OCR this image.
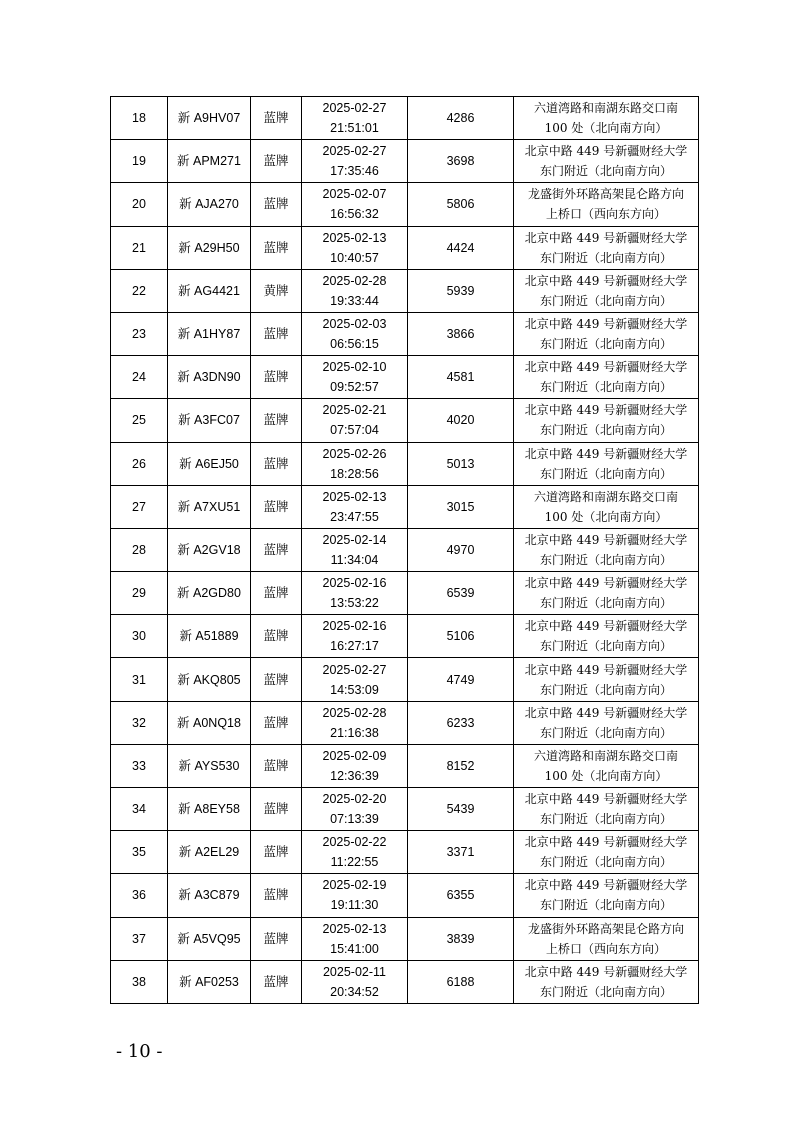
18	新 A9HV07	蓝牌	2025-02-27
21:51:01	4286	六道湾路和南湖东路交口南
100 处（北向南方向）

19	新 APM271	蓝牌	2025-02-27
17:35:46	3698	北京中路 449 号新疆财经大学
东门附近（北向南方向）

20	新 AJA270	蓝牌	2025-02-07
16:56:32	5806	龙盛街外环路高架昆仑路方向
上桥口（西向东方向）

21	新 A29H50	蓝牌	2025-02-13
10:40:57	4424	北京中路 449 号新疆财经大学
东门附近（北向南方向）

22	新 AG4421	黄牌	2025-02-28
19:33:44	5939	北京中路 449 号新疆财经大学
东门附近（北向南方向）

23	新 A1HY87	蓝牌	2025-02-03
06:56:15	3866	北京中路 449 号新疆财经大学
东门附近（北向南方向）

24	新 A3DN90	蓝牌	2025-02-10
09:52:57	4581	北京中路 449 号新疆财经大学
东门附近（北向南方向）

25	新 A3FC07	蓝牌	2025-02-21
07:57:04	4020	北京中路 449 号新疆财经大学
东门附近（北向南方向）

26	新 A6EJ50	蓝牌	2025-02-26
18:28:56	5013	北京中路 449 号新疆财经大学
东门附近（北向南方向）

27	新 A7XU51	蓝牌	2025-02-13
23:47:55	3015	六道湾路和南湖东路交口南
100 处（北向南方向）

28	新 A2GV18	蓝牌	2025-02-14
11:34:04	4970	北京中路 449 号新疆财经大学
东门附近（北向南方向）

29	新 A2GD80	蓝牌	2025-02-16
13:53:22	6539	北京中路 449 号新疆财经大学
东门附近（北向南方向）

30	新 A51889	蓝牌	2025-02-16
16:27:17	5106	北京中路 449 号新疆财经大学
东门附近（北向南方向）

31	新 AKQ805	蓝牌	2025-02-27
14:53:09	4749	北京中路 449 号新疆财经大学
东门附近（北向南方向）

32	新 A0NQ18	蓝牌	2025-02-28
21:16:38	6233	北京中路 449 号新疆财经大学
东门附近（北向南方向）

33	新 AYS530	蓝牌	2025-02-09
12:36:39	8152	六道湾路和南湖东路交口南
100 处（北向南方向）

34	新 A8EY58	蓝牌	2025-02-20
07:13:39	5439	北京中路 449 号新疆财经大学
东门附近（北向南方向）

35	新 A2EL29	蓝牌	2025-02-22
11:22:55	3371	北京中路 449 号新疆财经大学
东门附近（北向南方向）

36	新 A3C879	蓝牌	2025-02-19
19:11:30	6355	北京中路 449 号新疆财经大学
东门附近（北向南方向）

37	新 A5VQ95	蓝牌	2025-02-13
15:41:00	3839	龙盛街外环路高架昆仑路方向
上桥口（西向东方向）

38	新 AF0253	蓝牌	2025-02-11
20:34:52	6188	北京中路 449 号新疆财经大学
东门附近（北向南方向）
- 10 -
